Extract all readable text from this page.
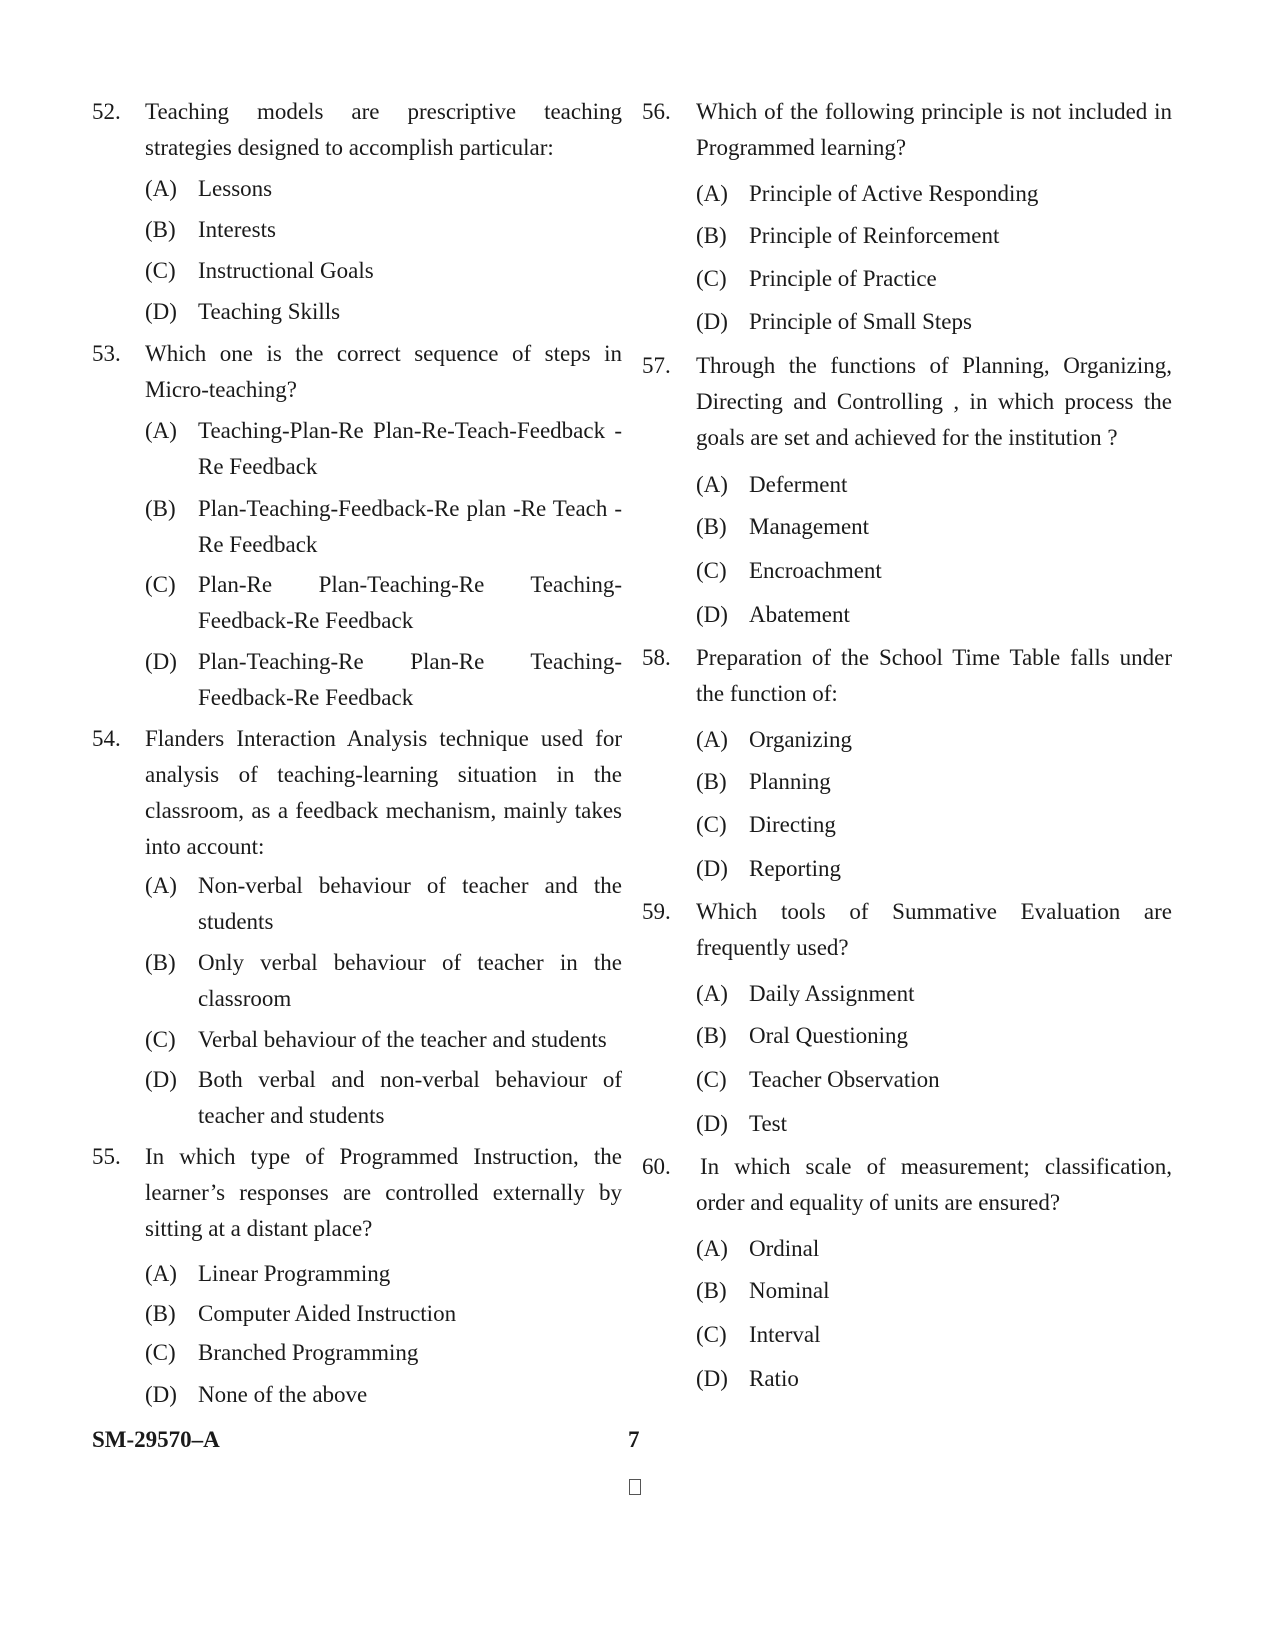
52. Teaching models are prescriptive teaching strategies designed to accomplish particular:
(A) Lessons
(B) Interests
(C) Instructional Goals
(D) Teaching Skills
53. Which one is the correct sequence of steps in Micro-teaching?
(A) Teaching-Plan-Re Plan-Re-Teach-Feedback -Re Feedback
(B) Plan-Teaching-Feedback-Re plan -Re Teach -Re Feedback
(C) Plan-Re Plan-Teaching-Re Teaching-Feedback-Re Feedback
(D) Plan-Teaching-Re Plan-Re Teaching-Feedback-Re Feedback
54. Flanders Interaction Analysis technique used for analysis of teaching-learning situation in the classroom, as a feedback mechanism, mainly takes into account:
(A) Non-verbal behaviour of teacher and the students
(B) Only verbal behaviour of teacher in the classroom
(C) Verbal behaviour of the teacher and students
(D) Both verbal and non-verbal behaviour of teacher and students
55. In which type of Programmed Instruction, the learner’s responses are controlled externally by sitting at a distant place?
(A) Linear Programming
(B) Computer Aided Instruction
(C) Branched Programming
(D) None of the above
56. Which of the following principle is not included in Programmed learning?
(A) Principle of Active Responding
(B) Principle of Reinforcement
(C) Principle of Practice
(D) Principle of Small Steps
57. Through the functions of Planning, Organizing, Directing and Controlling , in which process the goals are set and achieved for the institution ?
(A) Deferment
(B) Management
(C) Encroachment
(D) Abatement
58. Preparation of the School Time Table falls under the function of:
(A) Organizing
(B) Planning
(C) Directing
(D) Reporting
59. Which tools of Summative Evaluation are frequently used?
(A) Daily Assignment
(B) Oral Questioning
(C) Teacher Observation
(D) Test
60. In which scale of measurement; classification, order and equality of units are ensured?
(A) Ordinal
(B) Nominal
(C) Interval
(D) Ratio
SM-29570–A	7
